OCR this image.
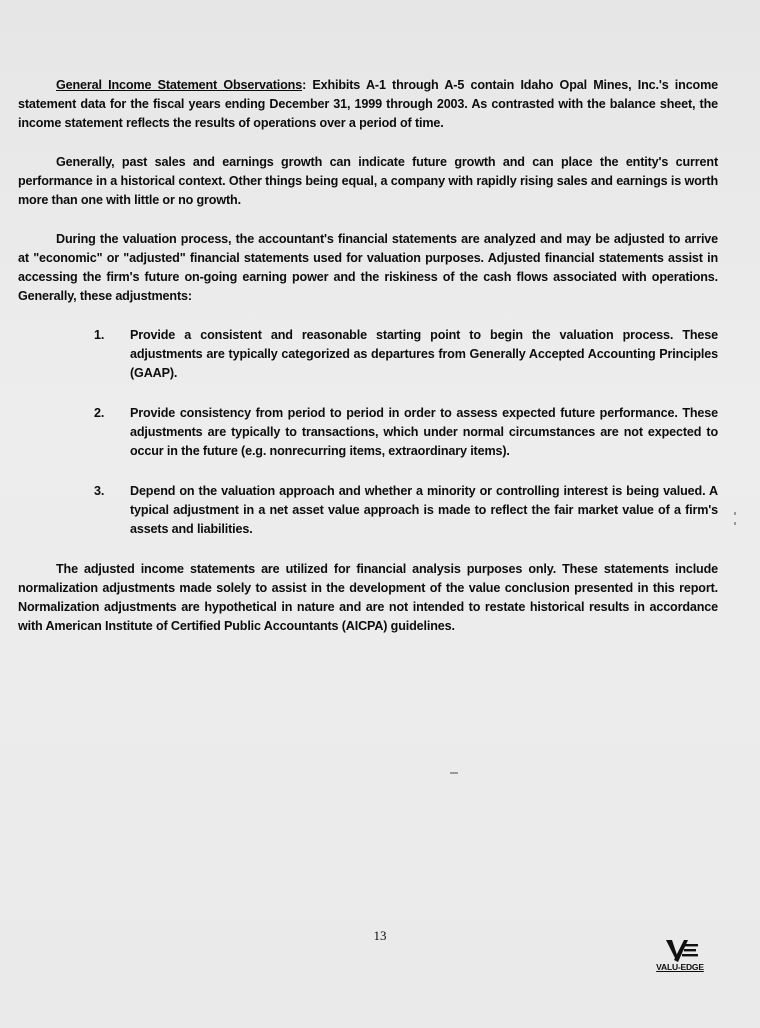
General Income Statement Observations: Exhibits A-1 through A-5 contain Idaho Opal Mines, Inc.'s income statement data for the fiscal years ending December 31, 1999 through 2003. As contrasted with the balance sheet, the income statement reflects the results of operations over a period of time.

Generally, past sales and earnings growth can indicate future growth and can place the entity's current performance in a historical context. Other things being equal, a company with rapidly rising sales and earnings is worth more than one with little or no growth.

During the valuation process, the accountant's financial statements are analyzed and may be adjusted to arrive at "economic" or "adjusted" financial statements used for valuation purposes. Adjusted financial statements assist in accessing the firm's future on-going earning power and the riskiness of the cash flows associated with operations. Generally, these adjustments:

1.	Provide a consistent and reasonable starting point to begin the valuation process. These adjustments are typically categorized as departures from Generally Accepted Accounting Principles (GAAP).
2.	Provide consistency from period to period in order to assess expected future performance. These adjustments are typically to transactions, which under normal circumstances are not expected to occur in the future (e.g. nonrecurring items, extraordinary items).
3.	Depend on the valuation approach and whether a minority or controlling interest is being valued. A typical adjustment in a net asset value approach is made to reflect the fair market value of a firm's assets and liabilities.

The adjusted income statements are utilized for financial analysis purposes only. These statements include normalization adjustments made solely to assist in the development of the value conclusion presented in this report. Normalization adjustments are hypothetical in nature and are not intended to restate historical results in accordance with American Institute of Certified Public Accountants (AICPA) guidelines.

13
VALU-EDGE
